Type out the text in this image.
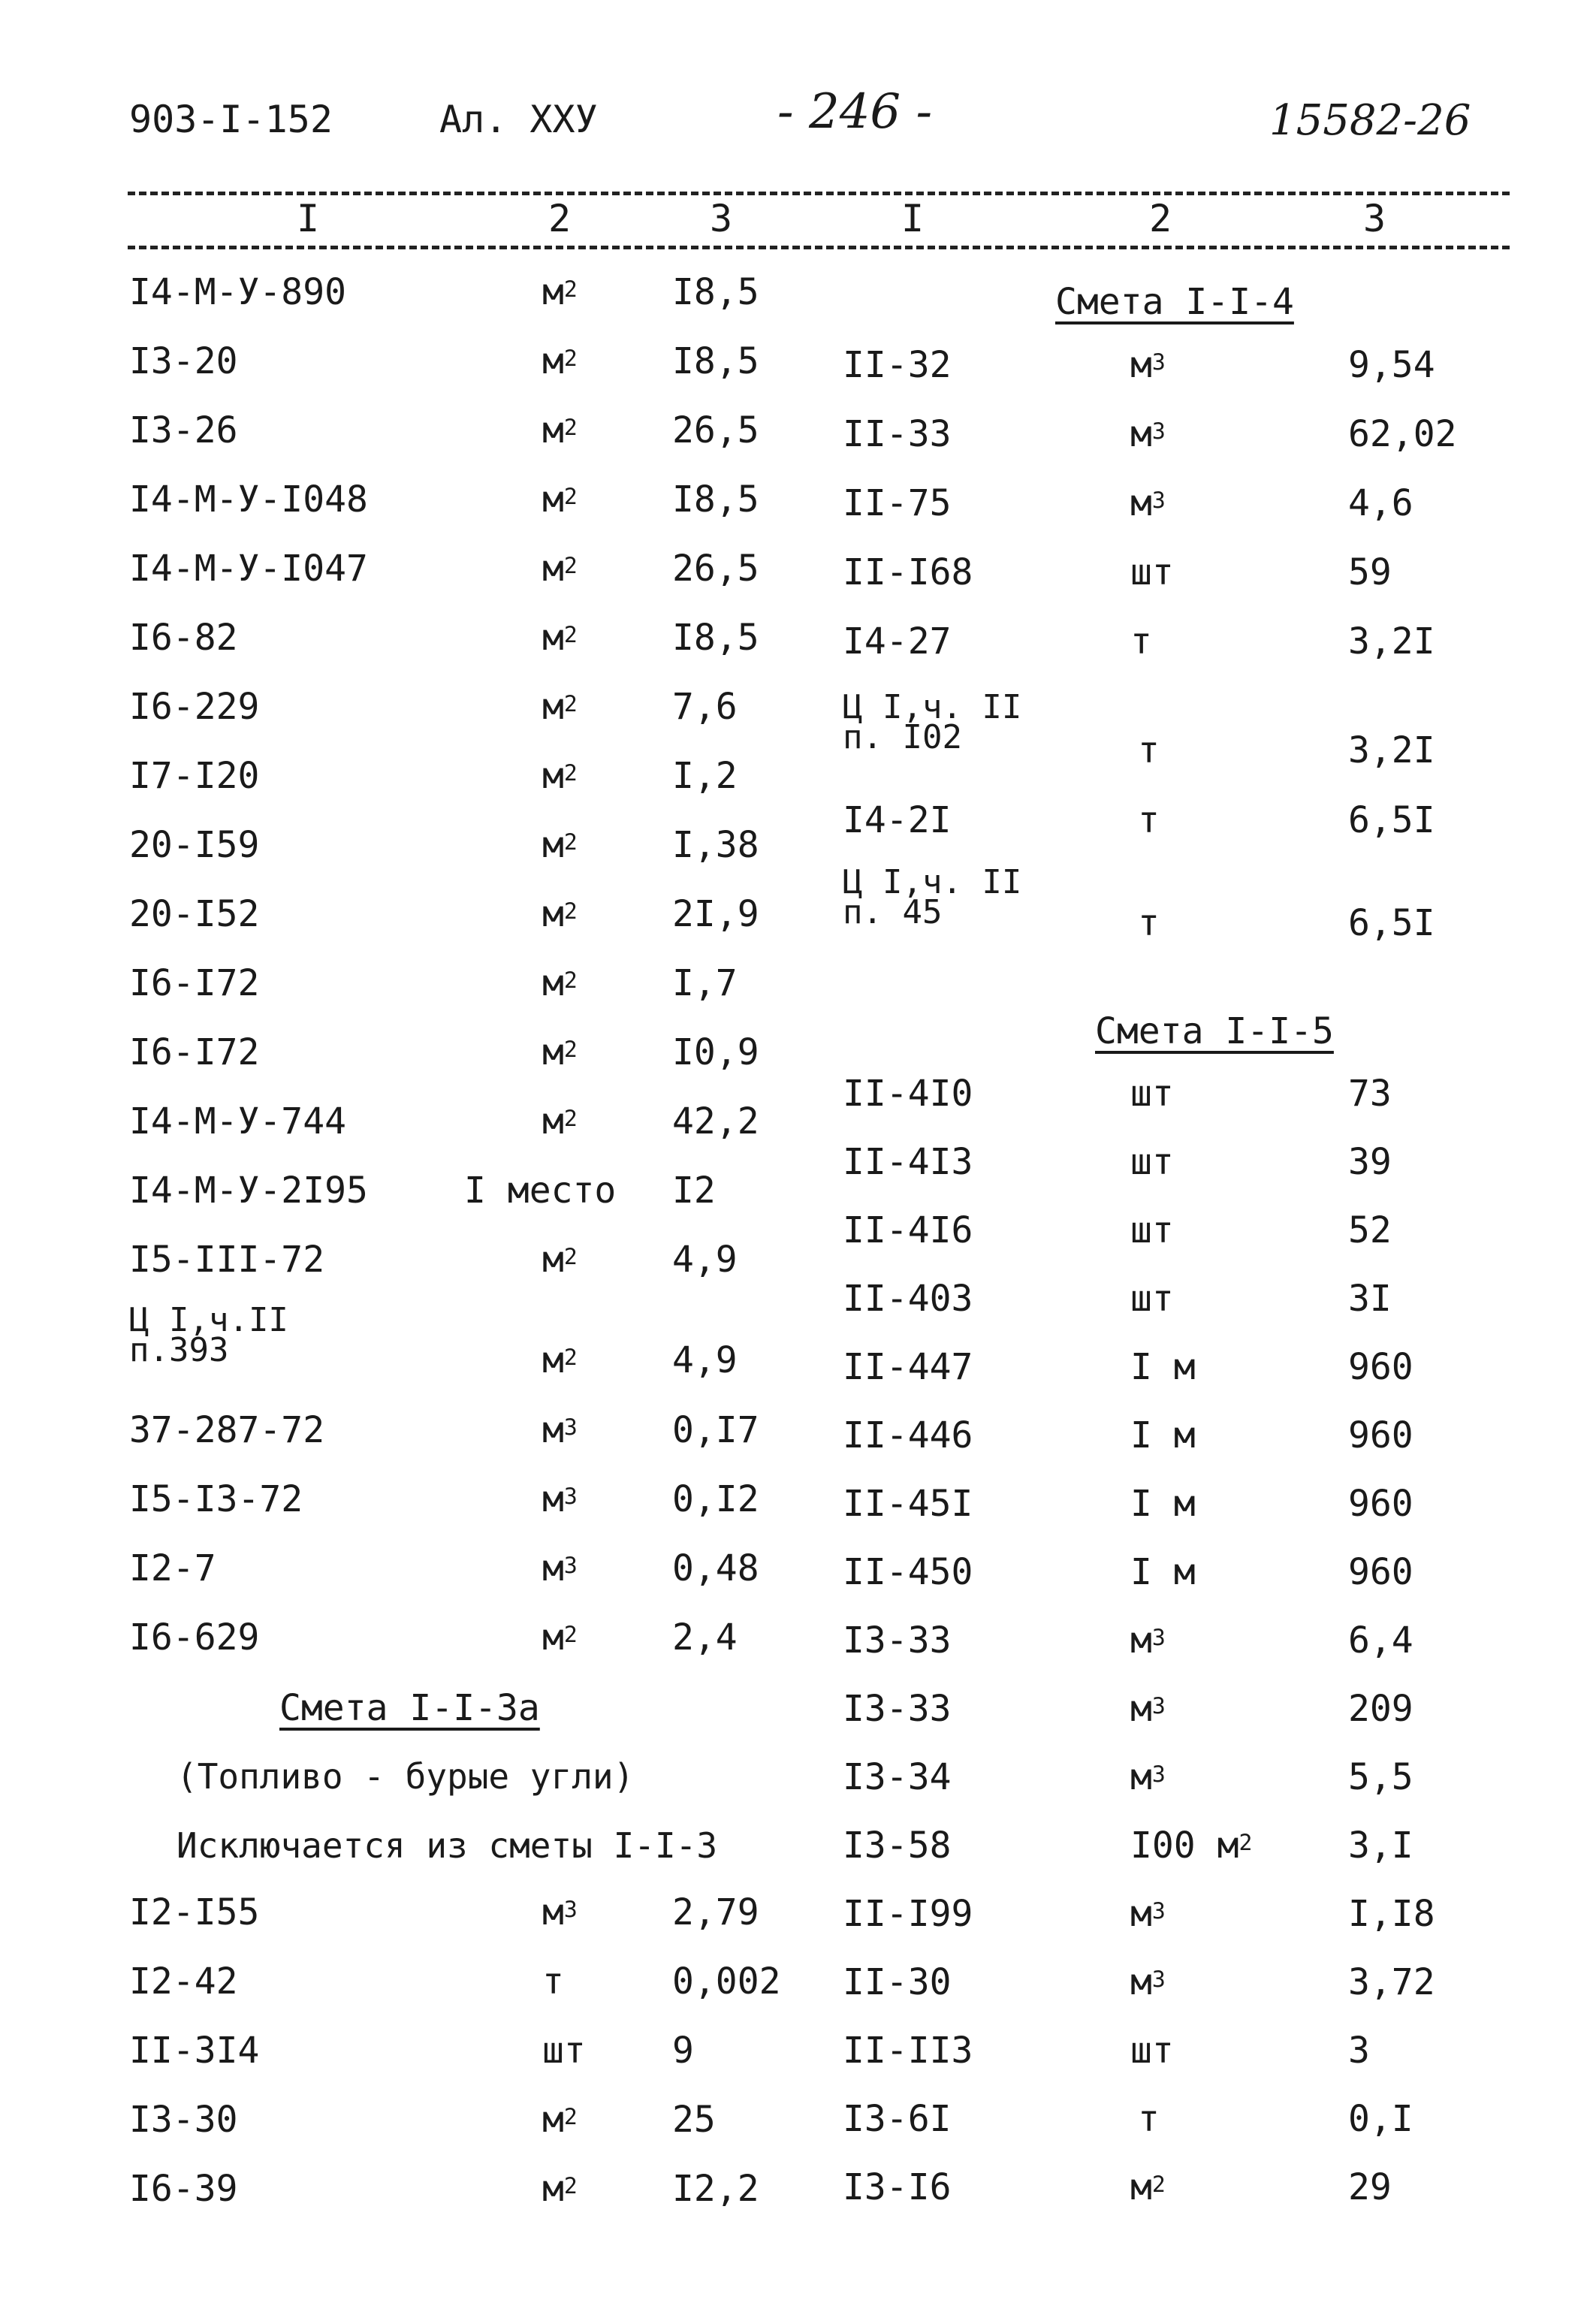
903-I-152	Ал. XXУ	- 246 -	15582-26
I	2	3	I	2	3
I4-М-У-890	$м^2$	I8,5
I3-20	$м^2$	I8,5
I3-26	$м^2$	26,5
I4-М-У-I048	$м^2$	I8,5
I4-М-У-I047	$м^2$	26,5
I6-82	$м^2$	I8,5
I6-229	$м^2$	7,6
I7-I20	$м^2$	I,2
20-I59	$м^2$	I,38
20-I52	$м^2$	2I,9
I6-I72	$м^2$	I,7
I6-I72	$м^2$	I0,9
I4-М-У-744	$м^2$	42,2
I4-М-У-2I95	I место I2
I5-III-72	$м^2$	4,9
Ц I,ч.II
п.393	$м^2$	4,9
37-287-72	$м^3$	0,I7
I5-I3-72	$м^3$	0,I2
I2-7	$м^3$	0,48
I6-629	$м^2$	2,4
Смета I-I-3а
(Топливо - бурые угли)
Исключается из сметы I-I-3
I2-I55	$м^3$	2,79
I2-42	т	0,002
II-3I4	шт 9
I3-30	$м^2$	25
I6-39	$м^2$	I2,2
Смета I-I-4
II-32	$м^3$	9,54
II-33	$м^3$	62,02
II-75	$м^3$	4,6
II-I68	шт	59
I4-27	т	3,2I
Ц I,ч. II
п. I02	т	3,2I
I4-2I	т	6,5I
Ц I,ч. II
п. 45	т	6,5I
Смета I-I-5
II-4I0	шт	73
II-4I3	шт	39
II-4I6	шт	52
II-403	шт	3I
II-447	I м	960
II-446	I м	960
II-45I	I м	960
II-450	I м	960
I3-33	$м^3$	6,4
I3-33	$м^3$	209
I3-34	$м^3$	5,5
I3-58	I00 $м^2$	3,I
II-I99	$м^3$	I,I8
II-30	$м^3$	3,72
II-II3	шт	3
I3-6I	т	0,I
I3-I6	$м^2$	29
